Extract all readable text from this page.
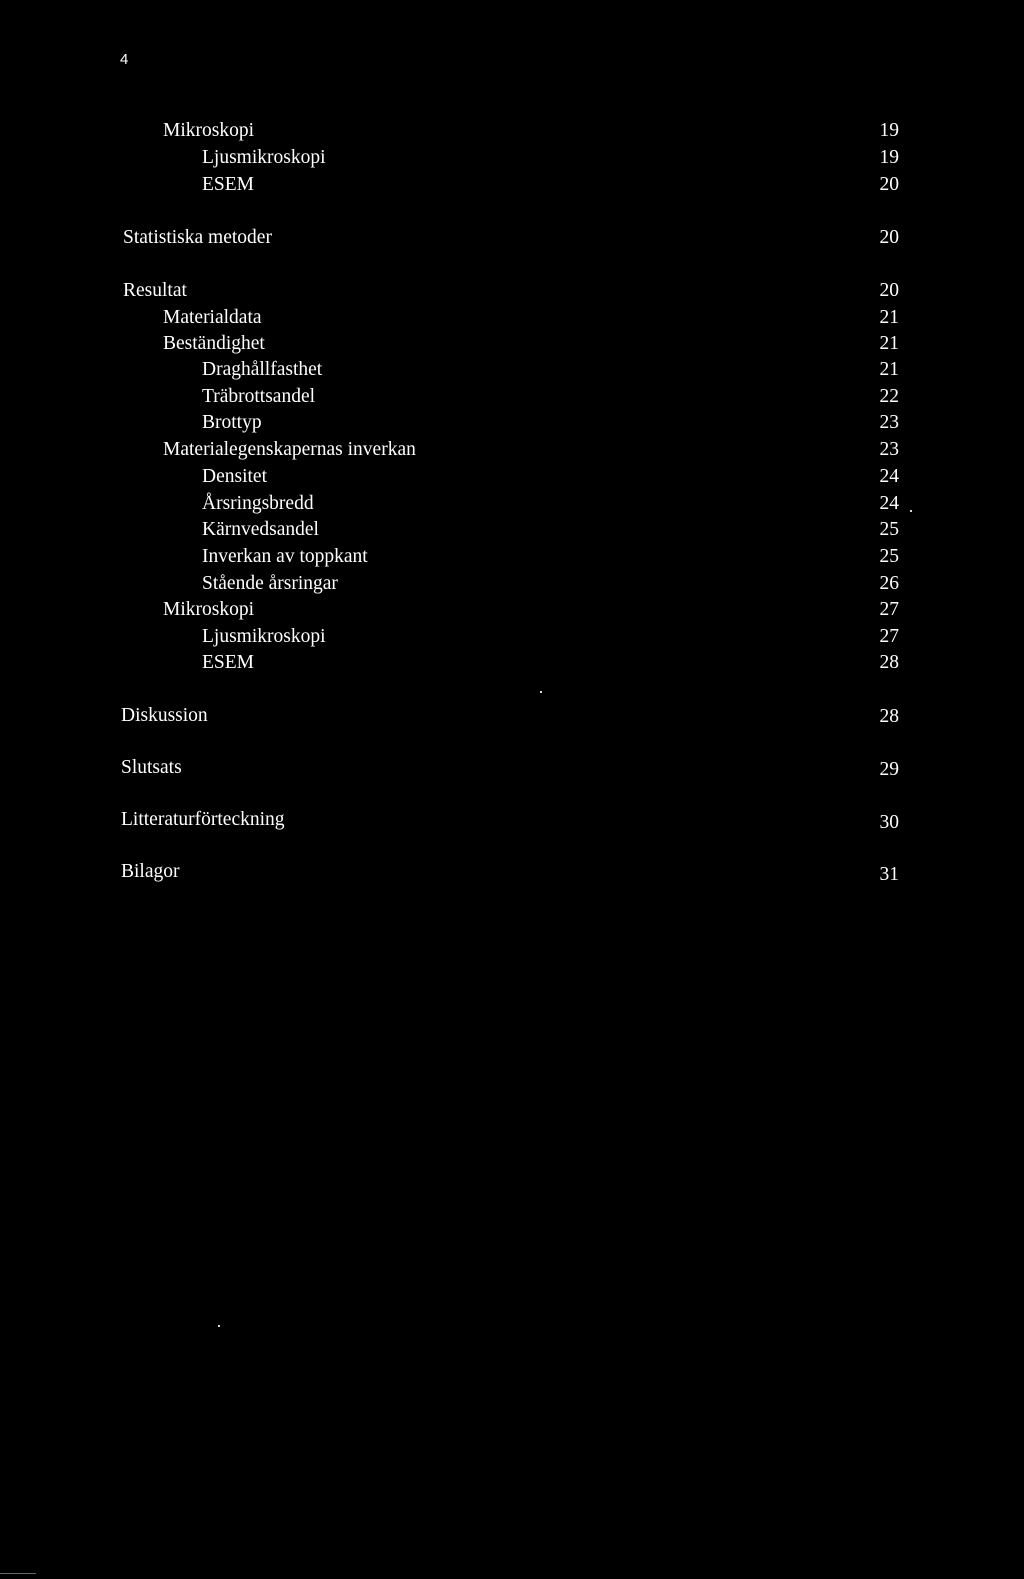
4
Mikroskopi	19
Ljusmikroskopi	19
ESEM	20
Statistiska metoder	20
Resultat	20
Materialdata	21
Beständighet	21
Draghållfasthet	21
Träbrottsandel	22
Brottyp	23
Materialegenskapernas inverkan	23
Densitet	24
Årsringsbredd	24
Kärnvedsandel	25
Inverkan av toppkant	25
Stående årsringar	26
Mikroskopi	27
Ljusmikroskopi	27
ESEM	28
Diskussion	28
Slutsats	29
Litteraturförteckning	30
Bilagor	31
